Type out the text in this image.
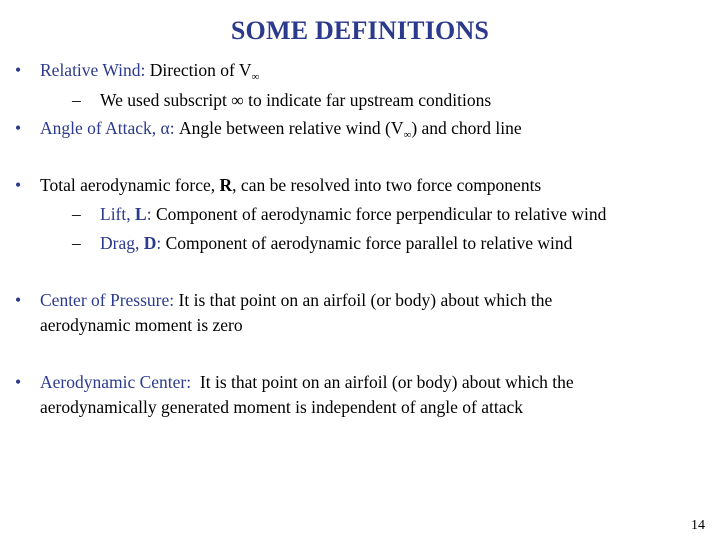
SOME DEFINITIONS
• Relative Wind: Direction of $V_\infty$
– We used subscript ∞ to indicate far upstream conditions
• Angle of Attack, α: Angle between relative wind $(V_\infty)$ and chord line
• Total aerodynamic force, R, can be resolved into two force components
– Lift, L: Component of aerodynamic force perpendicular to relative wind
– Drag, D: Component of aerodynamic force parallel to relative wind
• Center of Pressure: It is that point on an airfoil (or body) about which the
aerodynamic moment is zero
• Aerodynamic Center:  It is that point on an airfoil (or body) about which the
aerodynamically generated moment is independent of angle of attack
14
